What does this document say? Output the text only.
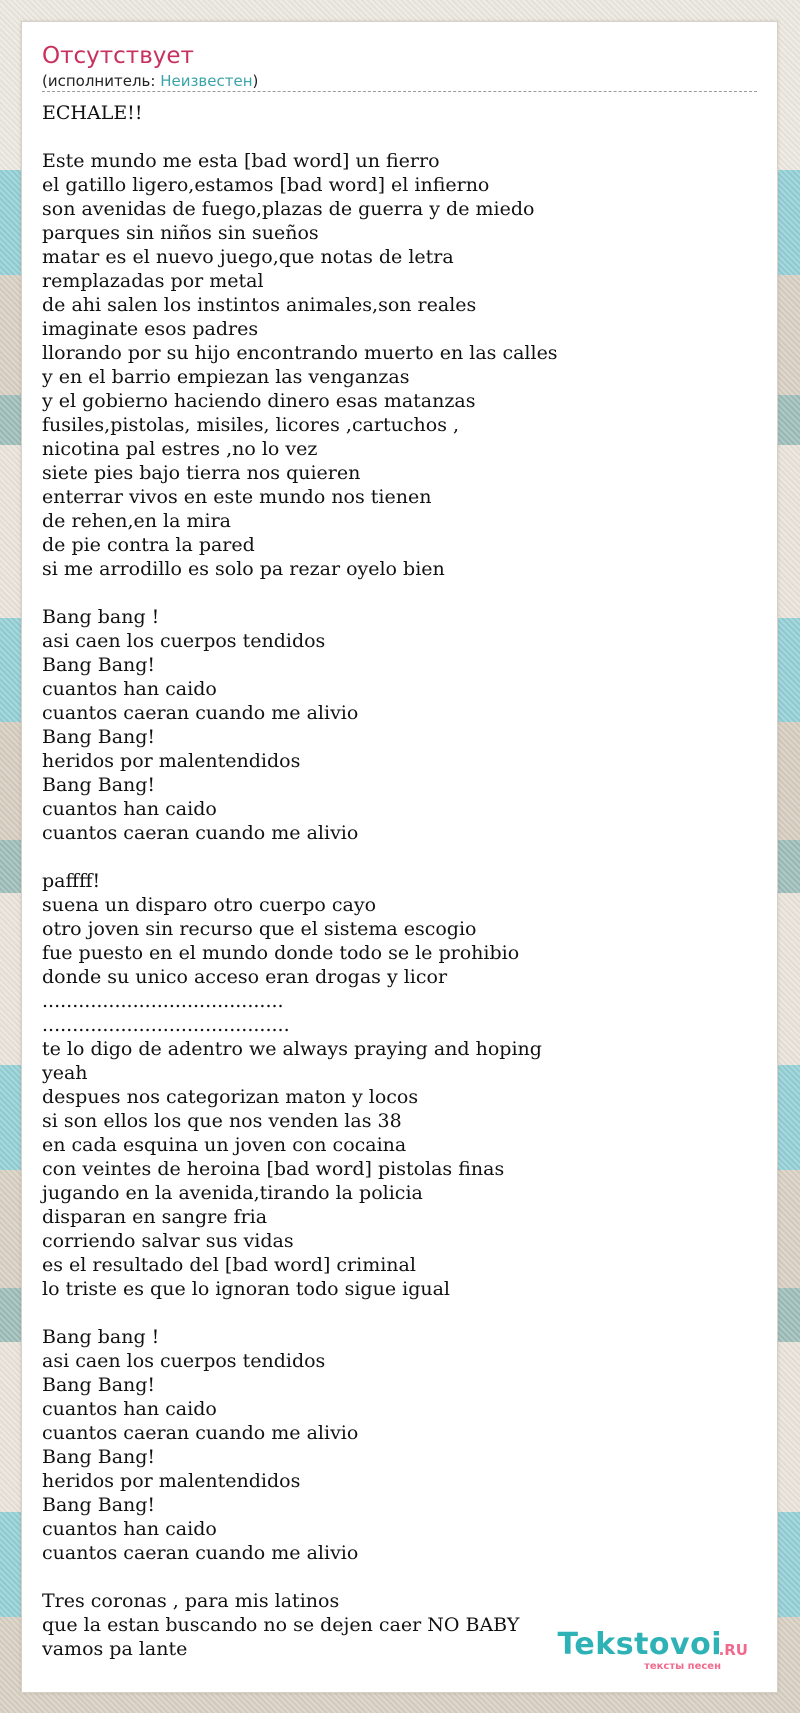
Отсутствует
(исполнитель: Неизвестен)
ECHALE!!

Este mundo me esta [bad word] un fierro
el gatillo ligero,estamos [bad word] el infierno
son avenidas de fuego,plazas de guerra y de miedo
parques sin niños sin sueños
matar es el nuevo juego,que notas de letra
remplazadas por metal
de ahi salen los instintos animales,son reales
imaginate esos padres
llorando por su hijo encontrando muerto en las calles
y en el barrio empiezan las venganzas
y el gobierno haciendo dinero esas matanzas
fusiles,pistolas, misiles, licores ,cartuchos ,
nicotina pal estres ,no lo vez
siete pies bajo tierra nos quieren
enterrar vivos en este mundo nos tienen
de rehen,en la mira
de pie contra la pared
si me arrodillo es solo pa rezar oyelo bien

Bang bang !
asi caen los cuerpos tendidos
Bang Bang!
cuantos han caido
cuantos caeran cuando me alivio
Bang Bang!
heridos por malentendidos
Bang Bang!
cuantos han caido
cuantos caeran cuando me alivio

paffff!
suena un disparo otro cuerpo cayo
otro joven sin recurso que el sistema escogio
fue puesto en el mundo donde todo se le prohibio
donde su unico acceso eran drogas y licor
........................................
.........................................
te lo digo de adentro we always praying and hoping
yeah
despues nos categorizan maton y locos
si son ellos los que nos venden las 38
en cada esquina un joven con cocaina
con veintes de heroina [bad word] pistolas finas
jugando en la avenida,tirando la policia
disparan en sangre fria
corriendo salvar sus vidas
es el resultado del [bad word] criminal
lo triste es que lo ignoran todo sigue igual

Bang bang !
asi caen los cuerpos tendidos
Bang Bang!
cuantos han caido
cuantos caeran cuando me alivio
Bang Bang!
heridos por malentendidos
Bang Bang!
cuantos han caido
cuantos caeran cuando me alivio

Tres coronas , para mis latinos
que la estan buscando no se dejen caer NO BABY
vamos pa lante	Tekstovoi
.RU
тексты песен
